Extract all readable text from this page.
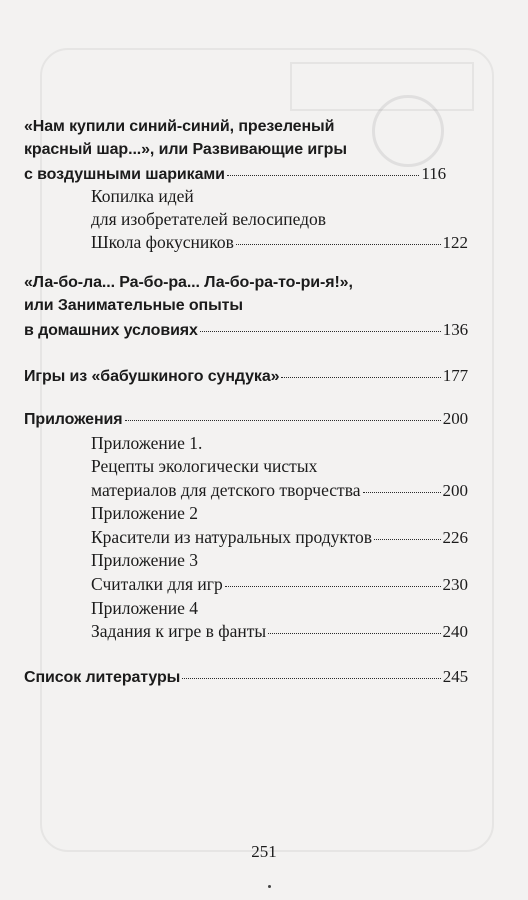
«Нам купили синий-синий, презеленый
красный шар...», или Развивающие игры
с воздушными шариками	116
Копилка идей
для изобретателей велосипедов
Школа фокусников	122
«Ла-бо-ла... Ра-бо-ра... Ла-бо-ра-то-ри-я!»,
или Занимательные опыты
в домашних условиях	136
Игры из «бабушкиного сундука»	177
Приложения	200
Приложение 1.
Рецепты экологически чистых
материалов для детского творчества	200
Приложение 2
Красители из натуральных продуктов	226
Приложение 3
Считалки для игр	230
Приложение 4
Задания к игре в фанты	240
Список литературы	245
251
